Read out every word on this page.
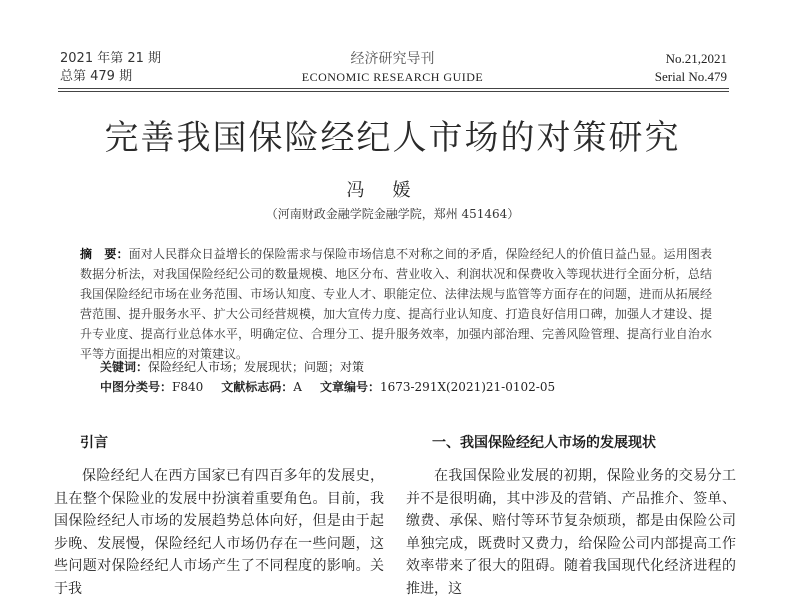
2021 年第 21 期
总第 479 期
经济研究导刊
ECONOMIC RESEARCH GUIDE
No.21,2021
Serial No.479
完善我国保险经纪人市场的对策研究
冯媛
（河南财政金融学院金融学院，郑州 451464）
摘　要：面对人民群众日益增长的保险需求与保险市场信息不对称之间的矛盾，保险经纪人的价值日益凸显。运用图表数据分析法，对我国保险经纪公司的数量规模、地区分布、营业收入、利润状况和保费收入等现状进行全面分析，总结我国保险经纪市场在业务范围、市场认知度、专业人才、职能定位、法律法规与监管等方面存在的问题，进而从拓展经营范围、提升服务水平、扩大公司经营规模，加大宣传力度、提高行业认知度、打造良好信用口碑，加强人才建设、提升专业度、提高行业总体水平，明确定位、合理分工、提升服务效率，加强内部治理、完善风险管理、提高行业自治水平等方面提出相应的对策建议。
关键词：保险经纪人市场；发展现状；问题；对策
中图分类号：F840 文献标志码：A 文章编号：1673-291X(2021)21-0102-05
引言	一、我国保险经纪人市场的发展现状

保险经纪人在西方国家已有四百多年的发展史，且在整个保险业的发展中扮演着重要角色。目前，我国保险经纪人市场的发展趋势总体向好，但是由于起步晚、发展慢，保险经纪人市场仍存在一些问题，这些问题对保险经纪人市场产生了不同程度的影响。关于我

在我国保险业发展的初期，保险业务的交易分工并不是很明确，其中涉及的营销、产品推介、签单、缴费、承保、赔付等环节复杂烦琐，都是由保险公司单独完成，既费时又费力，给保险公司内部提高工作效率带来了很大的阻碍。随着我国现代化经济进程的推进，这
